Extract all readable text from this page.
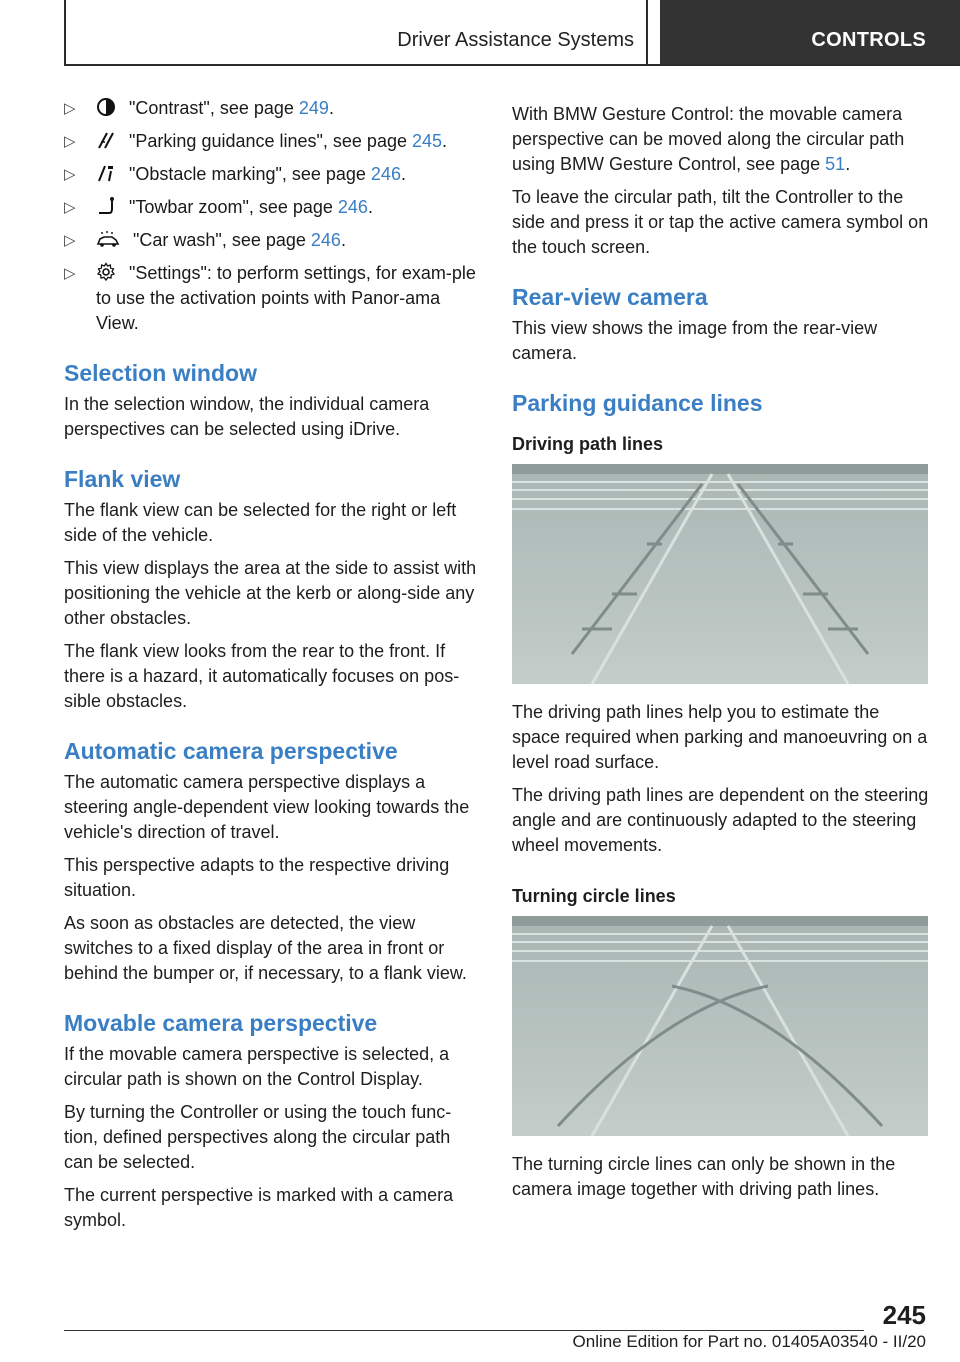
Driver Assistance Systems	CONTROLS
▷	"Contrast", see page 249.
▷	"Parking guidance lines", see page 245.
▷	"Obstacle marking", see page 246.
▷	"Towbar zoom", see page 246.
▷	"Car wash", see page 246.
▷	"Settings": to perform settings, for exam-ple to use the activation points with Panor-ama View.
Selection window

In the selection window, the individual camera perspectives can be selected using iDrive.

Flank view

The flank view can be selected for the right or left side of the vehicle.

This view displays the area at the side to assist with positioning the vehicle at the kerb or along-side any other obstacles.

The flank view looks from the rear to the front. If there is a hazard, it automatically focuses on pos-sible obstacles.

Automatic camera perspective

The automatic camera perspective displays a steering angle-dependent view looking towards the vehicle's direction of travel.

This perspective adapts to the respective driving situation.

As soon as obstacles are detected, the view switches to a fixed display of the area in front or behind the bumper or, if necessary, to a flank view.

Movable camera perspective

If the movable camera perspective is selected, a circular path is shown on the Control Display.

By turning the Controller or using the touch func-tion, defined perspectives along the circular path can be selected.

The current perspective is marked with a camera symbol.

With BMW Gesture Control: the movable camera perspective can be moved along the circular path using BMW Gesture Control, see page 51.

To leave the circular path, tilt the Controller to the side and press it or tap the active camera symbol on the touch screen.

Rear-view camera

This view shows the image from the rear-view camera.

Parking guidance lines
Driving path lines

The driving path lines help you to estimate the space required when parking and manoeuvring on a level road surface.

The driving path lines are dependent on the steering angle and are continuously adapted to the steering wheel movements.

Turning circle lines

The turning circle lines can only be shown in the camera image together with driving path lines.

245
Online Edition for Part no. 01405A03540 - II/20
